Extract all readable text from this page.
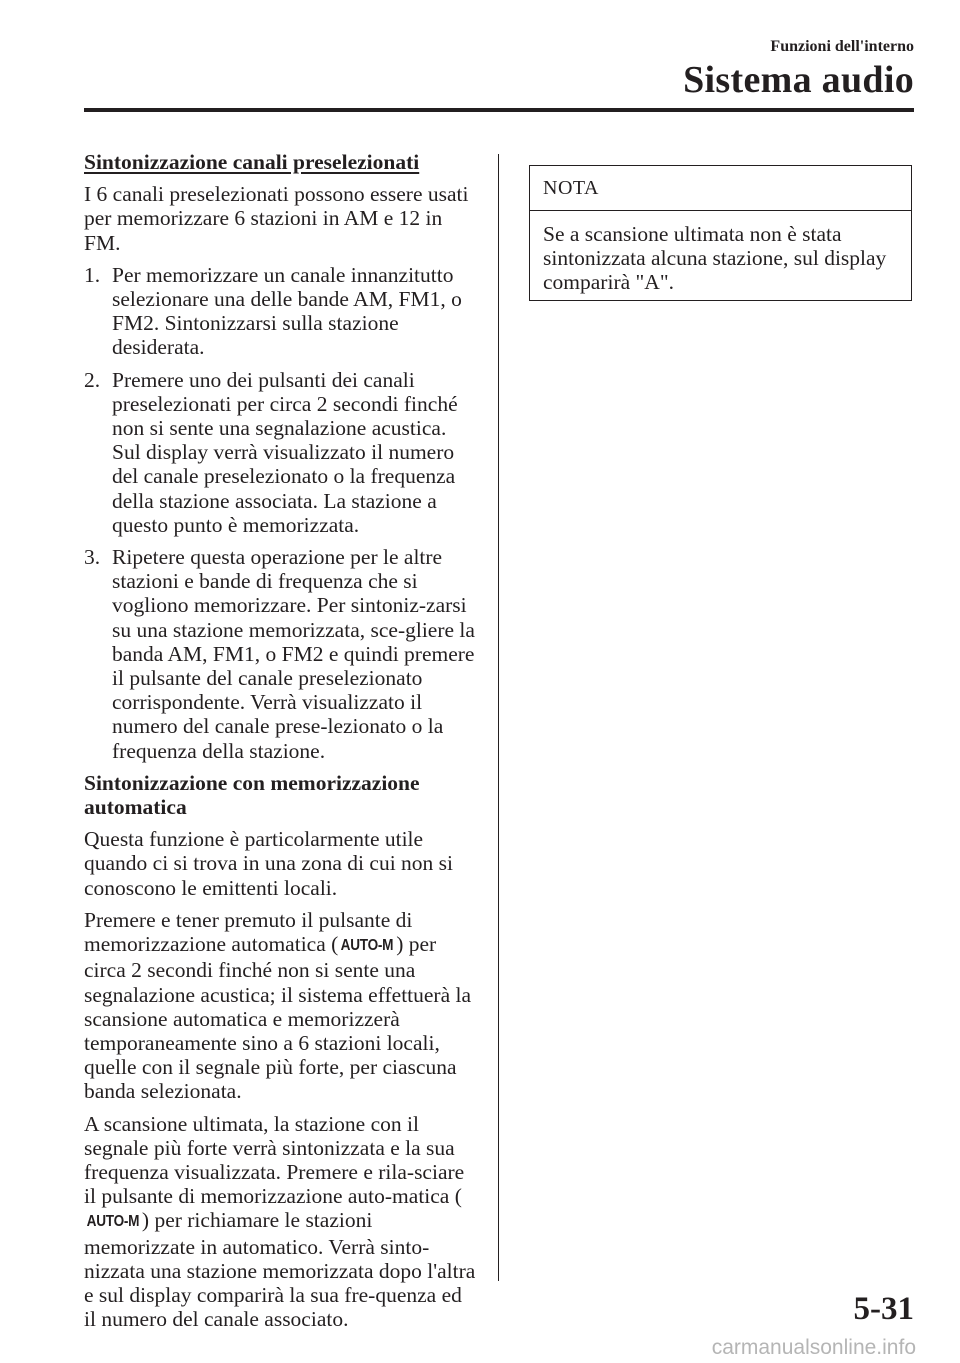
Funzioni dell'interno
Sistema audio
Sintonizzazione canali preselezionati

I 6 canali preselezionati possono essere usati per memorizzare 6 stazioni in AM e 12 in FM.

1. Per memorizzare un canale innanzitutto selezionare una delle bande AM, FM1, o FM2. Sintonizzarsi sulla stazione desiderata.
2. Premere uno dei pulsanti dei canali preselezionati per circa 2 secondi finché non si sente una segnalazione acustica. Sul display verrà visualizzato il numero del canale preselezionato o la frequenza della stazione associata. La stazione a questo punto è memorizzata.
3. Ripetere questa operazione per le altre stazioni e bande di frequenza che si vogliono memorizzare. Per sintoniz-zarsi su una stazione memorizzata, sce-gliere la banda AM, FM1, o FM2 e quindi premere il pulsante del canale preselezionato corrispondente. Verrà visualizzato il numero del canale prese-lezionato o la frequenza della stazione.
Sintonizzazione con memorizzazione automatica

Questa funzione è particolarmente utile quando ci si trova in una zona di cui non si conoscono le emittenti locali.

Premere e tener premuto il pulsante di memorizzazione automatica ( AUTO-M ) per circa 2 secondi finché non si sente una segnalazione acustica; il sistema effettuerà la scansione automatica e memorizzerà temporaneamente sino a 6 stazioni locali, quelle con il segnale più forte, per ciascuna banda selezionata.

A scansione ultimata, la stazione con il segnale più forte verrà sintonizzata e la sua frequenza visualizzata. Premere e rila-sciare il pulsante di memorizzazione auto-matica (AUTO-M ) per richiamare le stazioni memorizzate in automatico. Verrà sinto-nizzata una stazione memorizzata dopo l'altra e sul display comparirà la sua fre-quenza ed il numero del canale associato.

NOTA
Se a scansione ultimata non è stata sintonizzata alcuna stazione, sul display comparirà "A".
5-31
carmanualsonline.info
